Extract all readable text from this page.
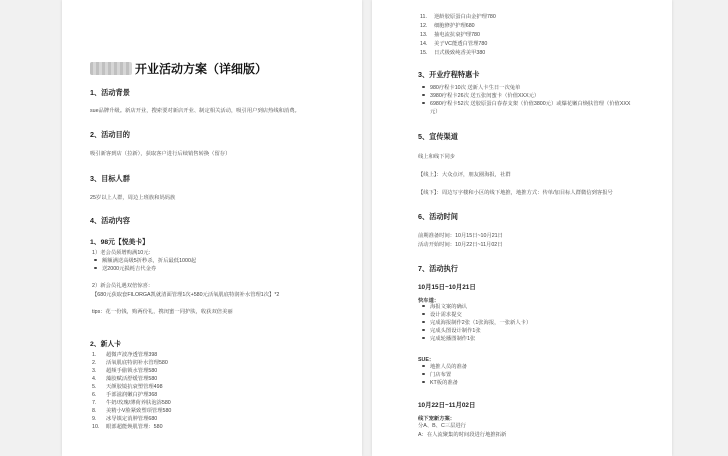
开业活动方案（详细版）
1、活动背景
sue品牌升级。新店开业，搜索要对新店开业、制定相关活动，吸引用户到店热线和消费。
2、活动目的
吸引新客到店（拉新），获取客户进行后续销售转换（留存）
3、目标人群
25岁以上人群，周边上班族和妈妈族
4、活动内容
1、98元【悦美卡】
1）老会员须增购满10元：
额额满送高级5折秒杀，折后最低1000起
送2000元损耗吉代金券
2）新会员礼遇双倍惊喜：
【680元获取套FILORGA凯就清面管理1次+580元活氧肌底特润补水管理1次】*2
tips：花一份钱，购两份礼，携闺蜜一同护肤，收获双倍美丽
2、新人卡
1.	超微声波净透管理398
2.	活氧肌底特润补水管理580
3.	超频手偷锁水管理580
4.	藻胶赋活舒缓管理580
5.	天颜胶镜抗衰塑管理498
6.	手部滋润嫩白护理368
7.	牛奶/玫瑰/薄荷养肤泡浴580
8.	美精小V脸紧致塑项管理580
9.	冰导镇定消肿管理680
10.	眼部超能焕肌管理：580
11.	逆龄胶原蛋白由金护理780
12.	细胞修护护理680
13.	抽电流抗衰护理780
14.	美子VC能透白管理780
15.	日式极致纯香美甲380
3、开业疗程特惠卡
980疗程卡10次 送新人卡生日一次兔单
3980疗程卡26次 送五张闺蜜卡（价值XXX元）
6980疗程卡52次 送胶原蛋白春春支架（价值3800元）或爆花嫩白焕肤管理（价值XXX
元）
5、宣传渠道
线上和线下同步
【线上】：大众点评，朋友圈海报，社群
【线下】：周边写字楼和小区的线下地推，地推方式：传单/加目标人群微信到客报号
6、活动时间
前期准备时间：10月15日~10月21日
活动开始时间：10月22日~11月02日
7、活动执行
10月15日~10月21日
快车道：
海报文案的确认
设计需求提交
完成海报制作2张（1张海报，一张新人卡）
完成头图设计制作1张
完成轮播图制作1张
SUE：
地推人员的准备
门店布置
KT板的准备
10月22日~11月02日
线下宠新方案：
分A、B、C三层进行
A：在人流聚集的时间段进行地推拓新
